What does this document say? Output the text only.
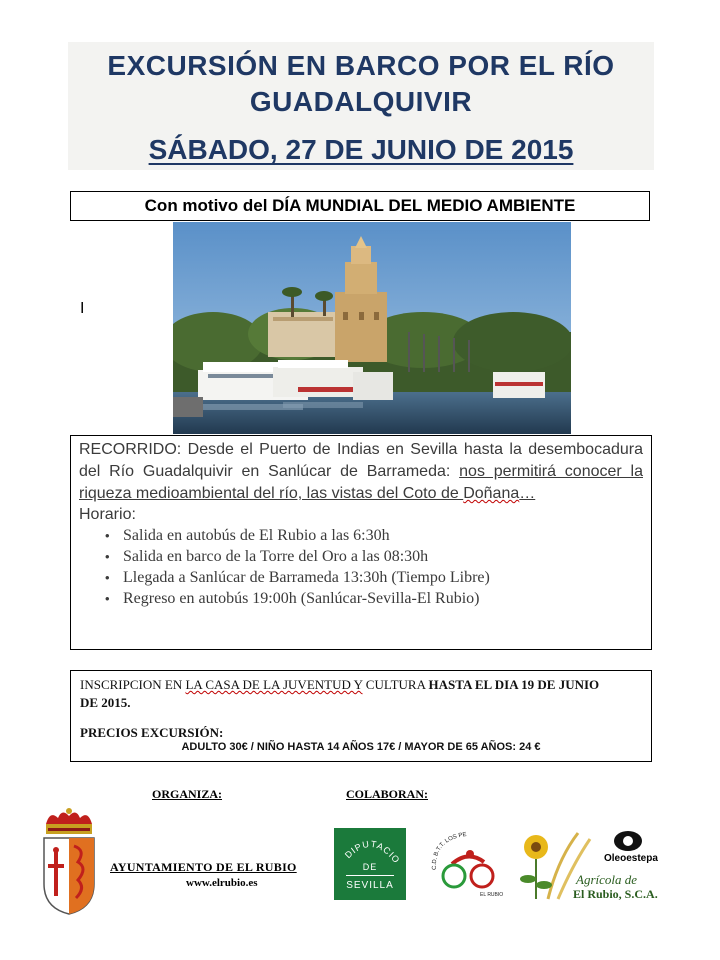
EXCURSIÓN EN BARCO POR EL RÍO
GUADALQUIVIR
SÁBADO, 27 DE JUNIO DE 2015
Con motivo del DÍA MUNDIAL DEL MEDIO AMBIENTE
I
RECORRIDO: Desde el Puerto de Indias en Sevilla hasta la desembocadura del Río Guadalquivir en Sanlúcar de Barrameda: nos permitirá conocer la riqueza medioambiental del río, las vistas del Coto de Doñana…
Horario:
• Salida en autobús de El Rubio a las 6:30h
• Salida en barco de la Torre del Oro a las 08:30h
• Llegada a Sanlúcar de Barrameda 13:30h (Tiempo Libre)
• Regreso en autobús 19:00h (Sanlúcar-Sevilla-El Rubio)
INSCRIPCION EN LA CASA DE LA JUVENTUD Y CULTURA HASTA EL DIA 19 DE JUNIO
DE 2015.
PRECIOS EXCURSIÓN:
ADULTO 30€ / NIÑO HASTA 14 AÑOS 17€ / MAYOR DE 65 AÑOS: 24 €
ORGANIZA:	COLABORAN:
AYUNTAMIENTO DE EL RUBIO
www.elrubio.es
DIPUTACIO
DE
SEVILLA
C.D. B.T.T. LOS PE
EL RUBIO
Oleoestepa
Agrícola de
El Rubio, S.C.A.
